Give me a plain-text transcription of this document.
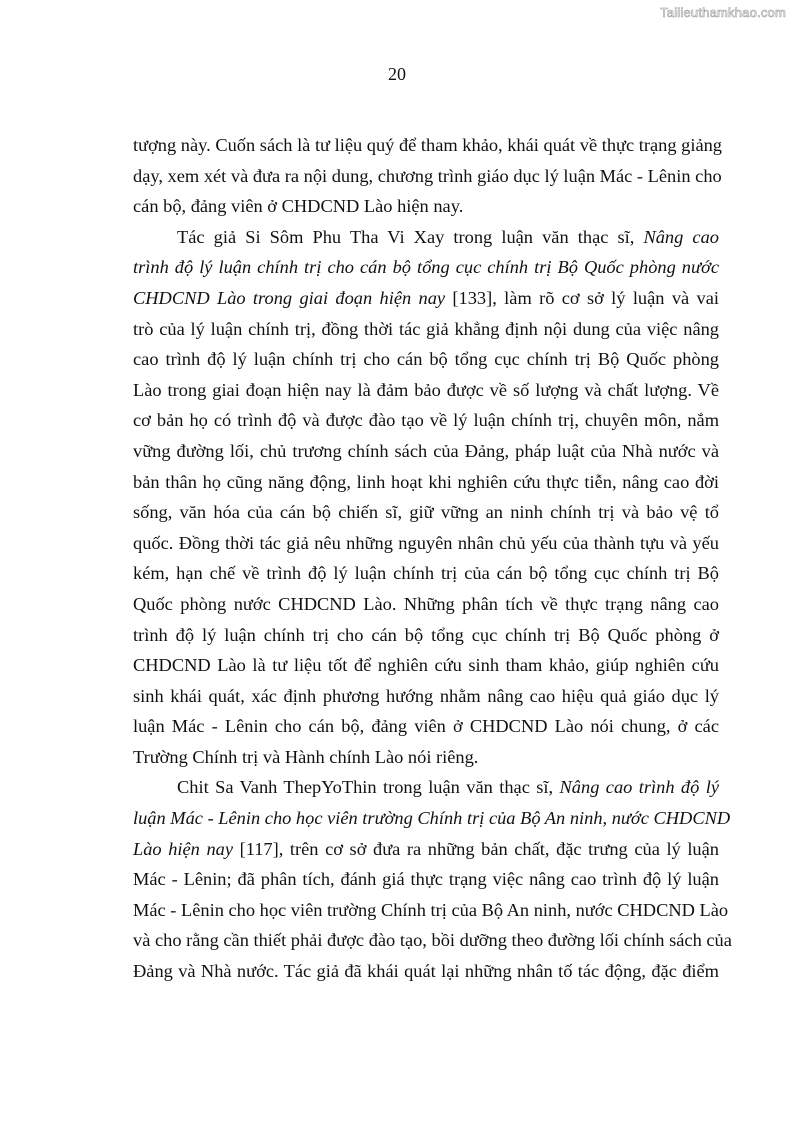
Tailieuthamkhao.com
20
tượng này. Cuốn sách là tư liệu quý để tham khảo, khái quát về thực trạng giảng
dạy, xem xét và đưa ra nội dung, chương trình giáo dục lý luận Mác - Lênin cho
cán bộ, đảng viên ở CHDCND Lào hiện nay.
Tác giả Si Sôm Phu Tha Vi Xay trong luận văn thạc sĩ, Nâng cao
trình độ lý luận chính trị cho cán bộ tổng cục chính trị Bộ Quốc phòng nước
CHDCND Lào trong giai đoạn hiện nay [133], làm rõ cơ sở lý luận và vai
trò của lý luận chính trị, đồng thời tác giả khẳng định nội dung của việc nâng
cao trình độ lý luận chính trị cho cán bộ tổng cục chính trị Bộ Quốc phòng
Lào trong giai đoạn hiện nay là đảm bảo được về số lượng và chất lượng. Về
cơ bản họ có trình độ và được đào tạo về lý luận chính trị, chuyên môn, nắm
vững đường lối, chủ trương chính sách của Đảng, pháp luật của Nhà nước và
bản thân họ cũng năng động, linh hoạt khi nghiên cứu thực tiễn, nâng cao đời
sống, văn hóa của cán bộ chiến sĩ, giữ vững an ninh chính trị và bảo vệ tổ
quốc. Đồng thời tác giả nêu những nguyên nhân chủ yếu của thành tựu và yếu
kém, hạn chế về trình độ lý luận chính trị của cán bộ tổng cục chính trị Bộ
Quốc phòng nước CHDCND Lào. Những phân tích về thực trạng nâng cao
trình độ lý luận chính trị cho cán bộ tổng cục chính trị Bộ Quốc phòng ở
CHDCND Lào là tư liệu tốt để nghiên cứu sinh tham khảo, giúp nghiên cứu
sinh khái quát, xác định phương hướng nhằm nâng cao hiệu quả giáo dục lý
luận Mác - Lênin cho cán bộ, đảng viên ở CHDCND Lào nói chung, ở các
Trường Chính trị và Hành chính Lào nói riêng.
Chit Sa Vanh ThepYoThin trong luận văn thạc sĩ, Nâng cao trình độ lý
luận Mác - Lênin cho học viên trường Chính trị của Bộ An ninh, nước CHDCND
Lào hiện nay [117], trên cơ sở đưa ra những bản chất, đặc trưng của lý luận
Mác - Lênin; đã phân tích, đánh giá thực trạng việc nâng cao trình độ lý luận
Mác - Lênin cho học viên trường Chính trị của Bộ An ninh, nước CHDCND Lào
và cho rằng cần thiết phải được đào tạo, bồi dưỡng theo đường lối chính sách của
Đảng và Nhà nước. Tác giả đã khái quát lại những nhân tố tác động, đặc điểm
